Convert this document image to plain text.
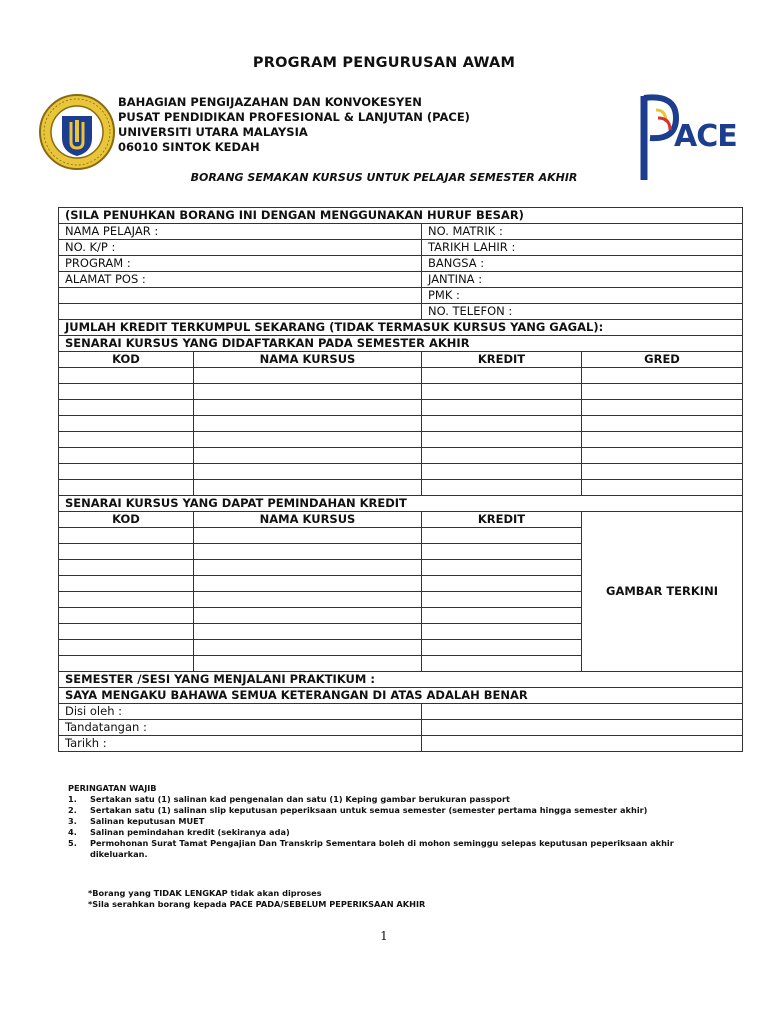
PROGRAM PENGURUSAN AWAM
BAHAGIAN PENGIJAZAHAN DAN KONVOKESYEN
PUSAT PENDIDIKAN PROFESIONAL & LANJUTAN (PACE)
UNIVERSITI UTARA MALAYSIA
06010 SINTOK KEDAH	ACE
BORANG SEMAKAN KURSUS UNTUK PELAJAR SEMESTER AKHIR
(SILA PENUHKAN BORANG INI DENGAN MENGGUNAKAN HURUF BESAR)			
NAMA PELAJAR :		NO. MATRIK :	
NO. K/P :		TARIKH LAHIR :	
PROGRAM :		BANGSA :	
ALAMAT POS :		JANTINA :	
		PMK :	
		NO. TELEFON :	
JUMLAH KREDIT TERKUMPUL SEKARANG (TIDAK TERMASUK KURSUS YANG GAGAL):			
SENARAI KURSUS YANG DIDAFTARKAN PADA SEMESTER AKHIR			
KOD	NAMA KURSUS	KREDIT	GRED

SENARAI KURSUS YANG DAPAT PEMINDAHAN KREDIT			
KOD	NAMA KURSUS	KREDIT	GAMBAR TERKINI

SEMESTER /SESI YANG MENJALANI PRAKTIKUM :			
SAYA MENGAKU BAHAWA SEMUA KETERANGAN DI ATAS ADALAH BENAR			
Disi oleh :			
Tandatangan :			
Tarikh :			
PERINGATAN WAJIB
1.	Sertakan satu (1) salinan kad pengenalan dan satu (1) Keping gambar berukuran passport
2.	Sertakan satu (1) salinan slip keputusan peperiksaan untuk semua semester (semester pertama hingga semester akhir)
3.	Salinan keputusan MUET
4.	Salinan pemindahan kredit (sekiranya ada)
5.	Permohonan Surat Tamat Pengajian Dan Transkrip Sementara boleh di mohon seminggu selepas keputusan peperiksaan akhir dikeluarkan.
*Borang yang TIDAK LENGKAP tidak akan diproses
*Sila serahkan borang kepada PACE PADA/SEBELUM PEPERIKSAAN AKHIR
1
